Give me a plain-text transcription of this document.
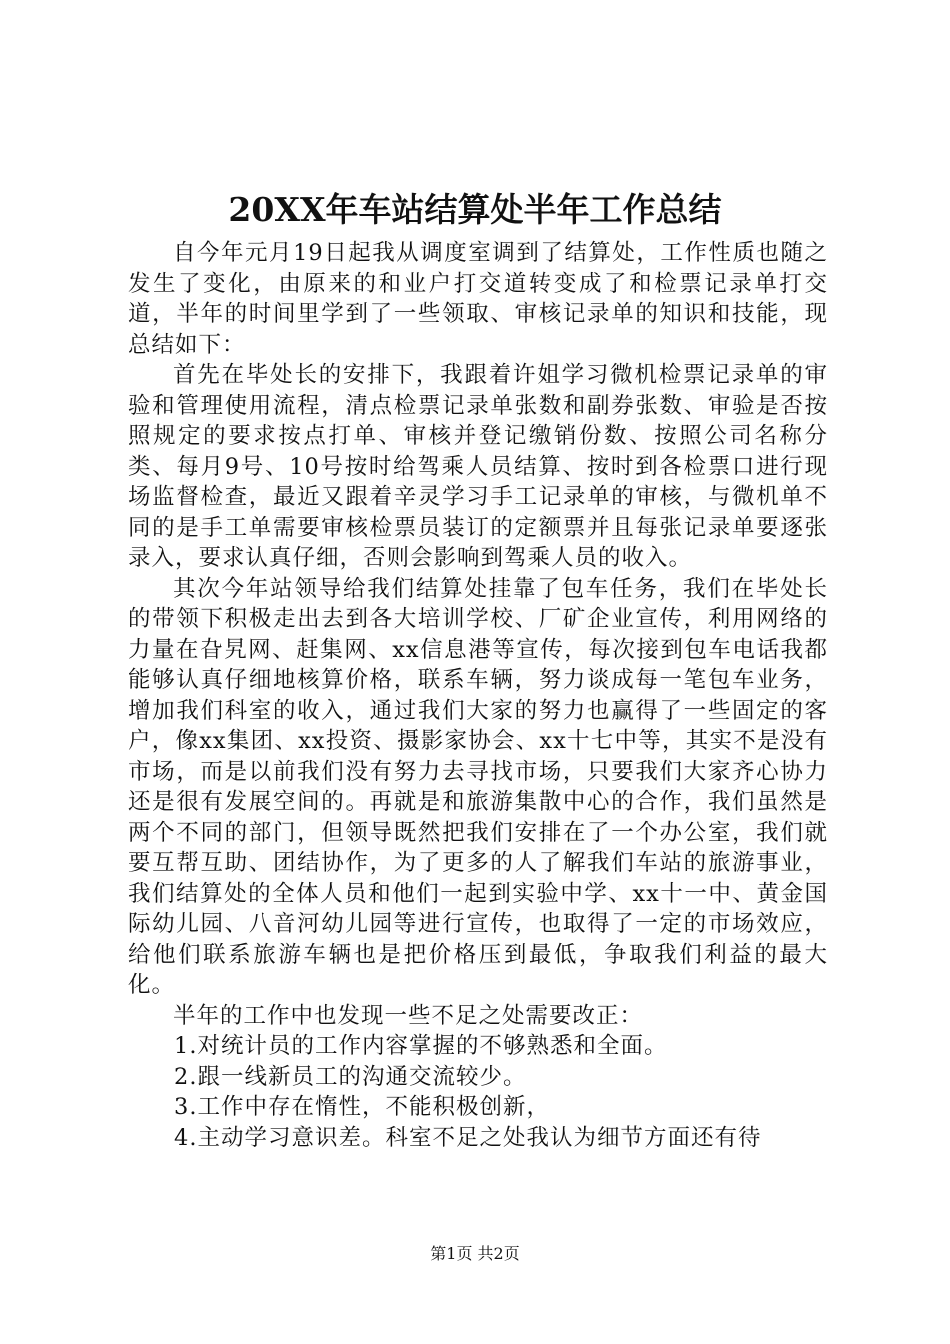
20XX年车站结算处半年工作总结

自今年元月19日起我从调度室调到了结算处，工作性质也随之发生了变化，由原来的和业户打交道转变成了和检票记录单打交道，半年的时间里学到了一些领取、审核记录单的知识和技能，现总结如下：

首先在毕处长的安排下，我跟着许姐学习微机检票记录单的审验和管理使用流程，清点检票记录单张数和副券张数、审验是否按照规定的要求按点打单、审核并登记缴销份数、按照公司名称分类、每月9号、10号按时给驾乘人员结算、按时到各检票口进行现场监督检查，最近又跟着辛灵学习手工记录单的审核，与微机单不同的是手工单需要审核检票员装订的定额票并且每张记录单要逐张录入，要求认真仔细，否则会影响到驾乘人员的收入。

其次今年站领导给我们结算处挂靠了包车任务，我们在毕处长的带领下积极走出去到各大培训学校、厂矿企业宣传，利用网络的力量在旮旯网、赶集网、xx信息港等宣传，每次接到包车电话我都能够认真仔细地核算价格，联系车辆，努力谈成每一笔包车业务，增加我们科室的收入，通过我们大家的努力也赢得了一些固定的客户，像xx集团、xx投资、摄影家协会、xx十七中等，其实不是没有市场，而是以前我们没有努力去寻找市场，只要我们大家齐心协力还是很有发展空间的。再就是和旅游集散中心的合作，我们虽然是两个不同的部门，但领导既然把我们安排在了一个办公室，我们就要互帮互助、团结协作，为了更多的人了解我们车站的旅游事业，我们结算处的全体人员和他们一起到实验中学、xx十一中、黄金国际幼儿园、八音河幼儿园等进行宣传，也取得了一定的市场效应，给他们联系旅游车辆也是把价格压到最低，争取我们利益的最大化。

半年的工作中也发现一些不足之处需要改正：

1.对统计员的工作内容掌握的不够熟悉和全面。

2.跟一线新员工的沟通交流较少。

3.工作中存在惰性，不能积极创新，

4.主动学习意识差。科室不足之处我认为细节方面还有待

第1页 共2页
